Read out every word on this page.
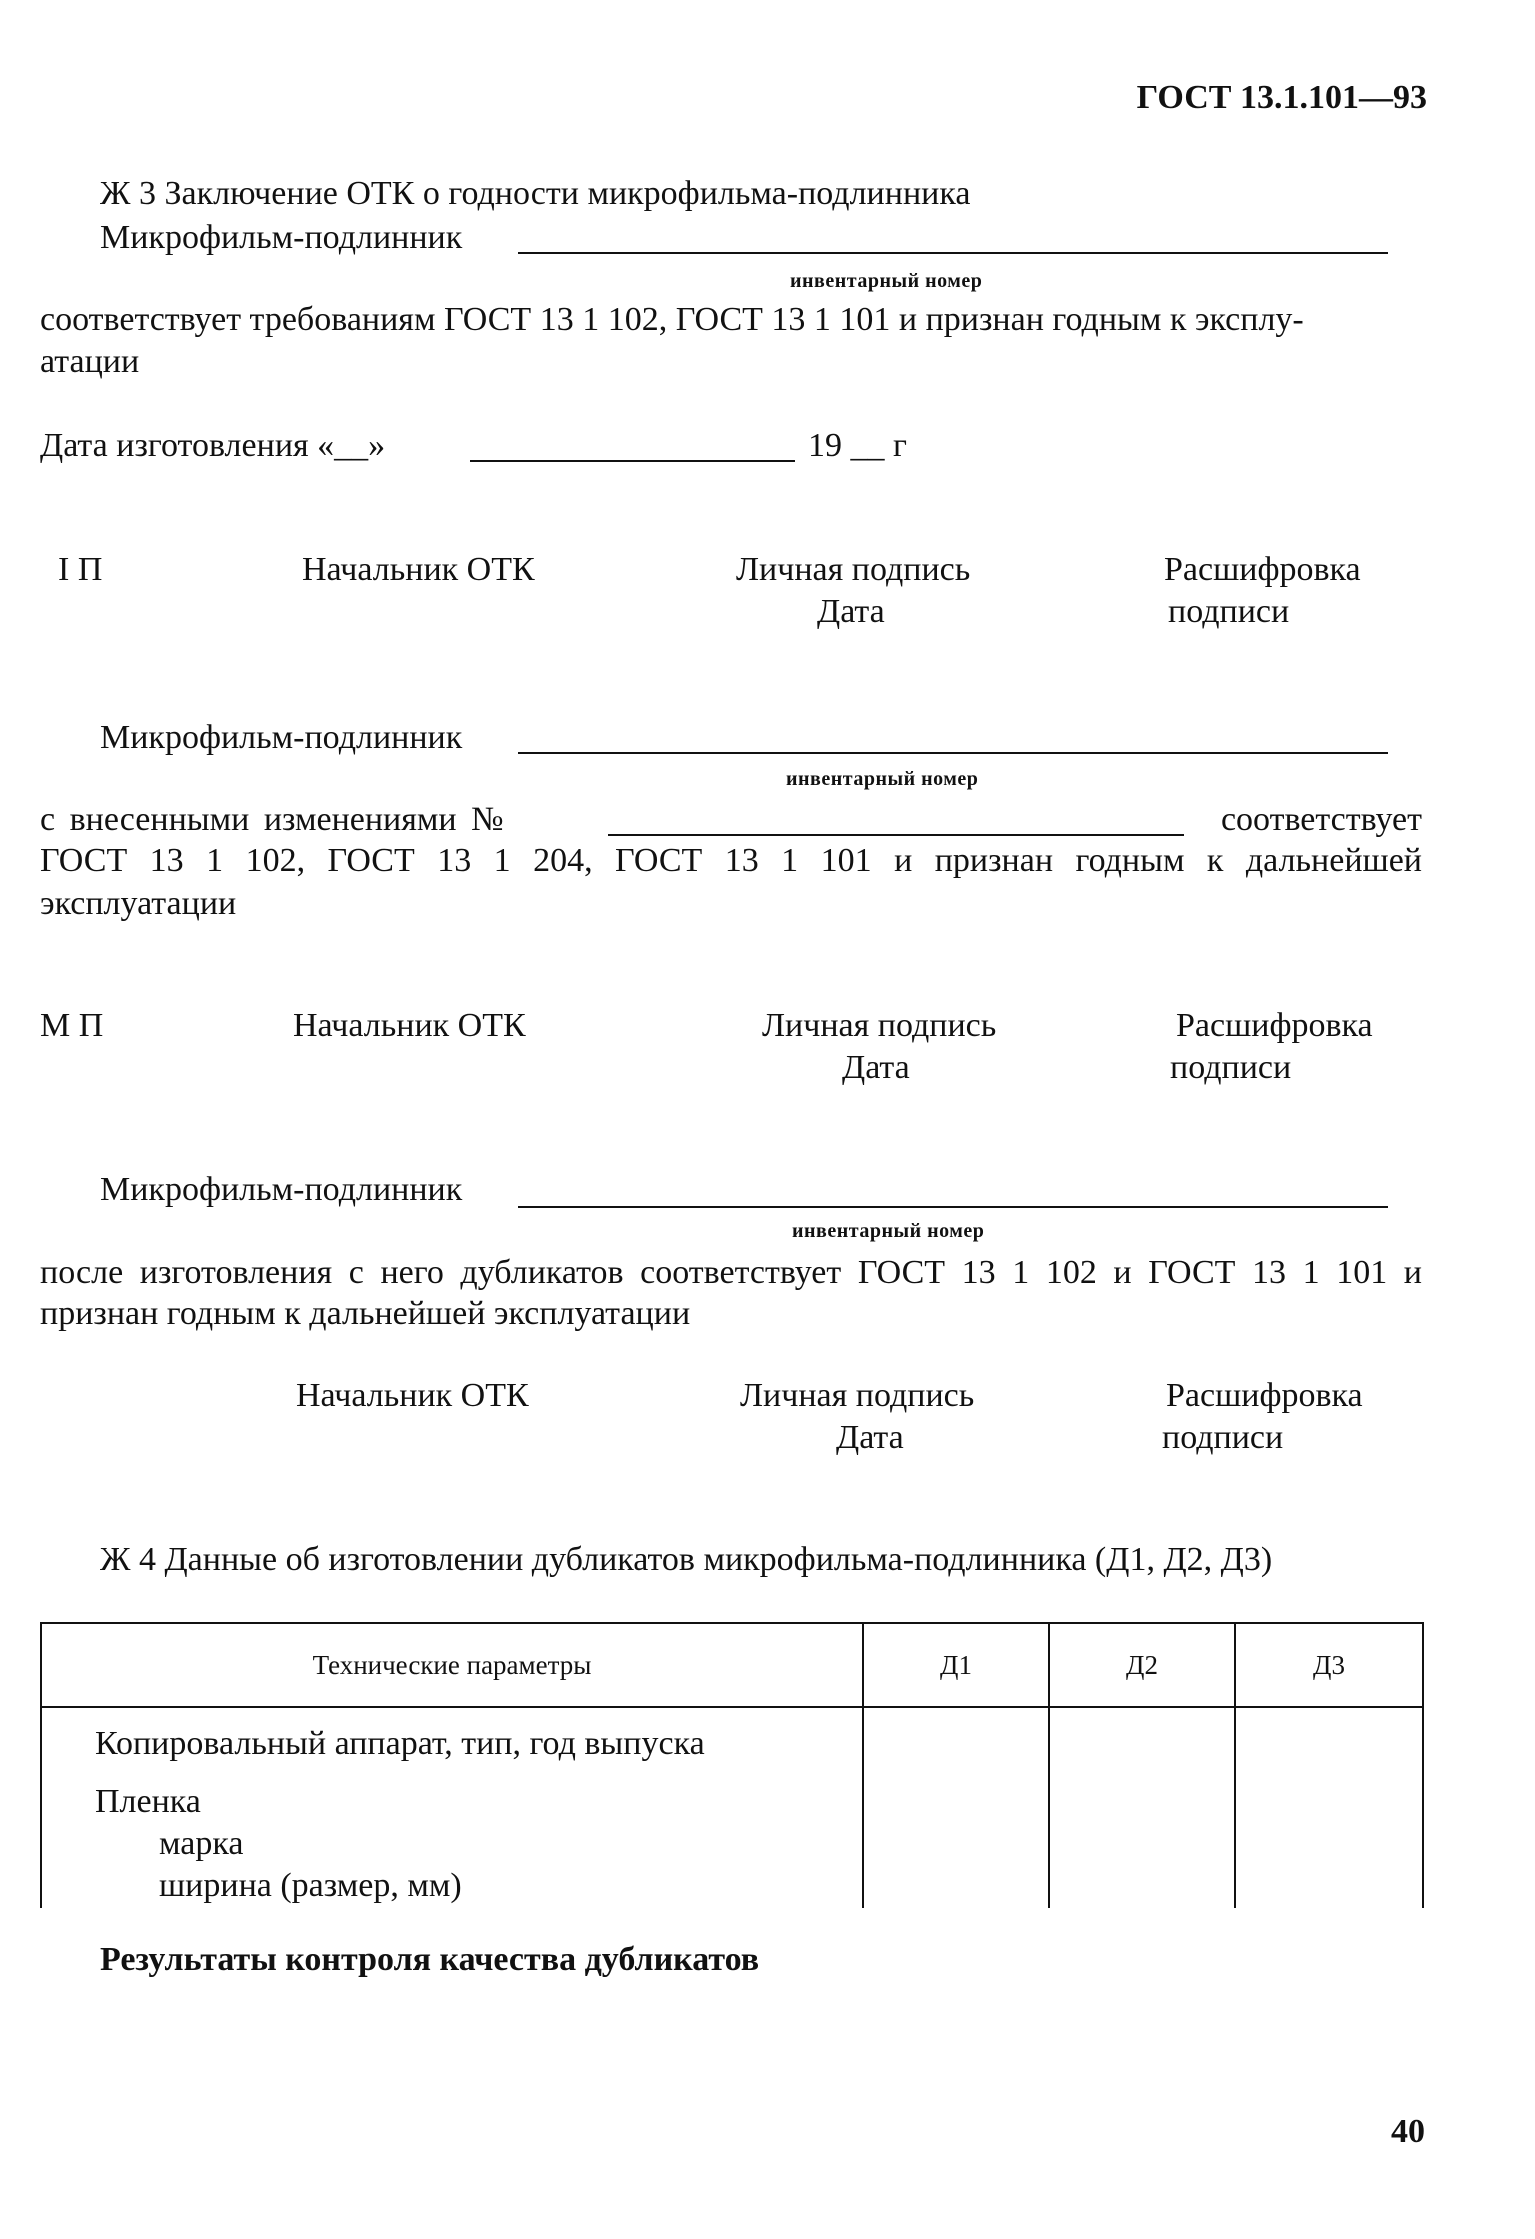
ГОСТ 13.1.101—93
Ж 3 Заключение ОТК о годности микрофильма-подлинника
Микрофильм-подлинник
инвентарный номер
соответствует требованиям ГОСТ 13 1 102, ГОСТ 13 1 101 и признан годным к эксплу-
атации
Дата изготовления «__»	19 __ г
I П	Начальник ОТК	Личная подпись
Дата
Расшифровка
подписи
Микрофильм-подлинник
инвентарный номер
с внесенными изменениями №	соответствует
ГОСТ 13 1 102, ГОСТ 13 1 204, ГОСТ 13 1 101 и признан годным к дальнейшей
эксплуатации
М П	Начальник ОТК	Личная подпись
Дата
Расшифровка
подписи
Микрофильм-подлинник
инвентарный номер
после изготовления с него дубликатов соответствует ГОСТ 13 1 102 и ГОСТ 13 1 101 и
признан годным к дальнейшей эксплуатации
Начальник ОТК	Личная подпись
Дата
Расшифровка
подписи
Ж 4 Данные об изготовлении дубликатов микрофильма-подлинника (Д1, Д2, Д3)
Технические параметры	Д1	Д2	Д3

Копировальный аппарат, тип, год выпуска
Пленка
марка
ширина (размер, мм)			

Результаты контроля качества дубликатов
40
